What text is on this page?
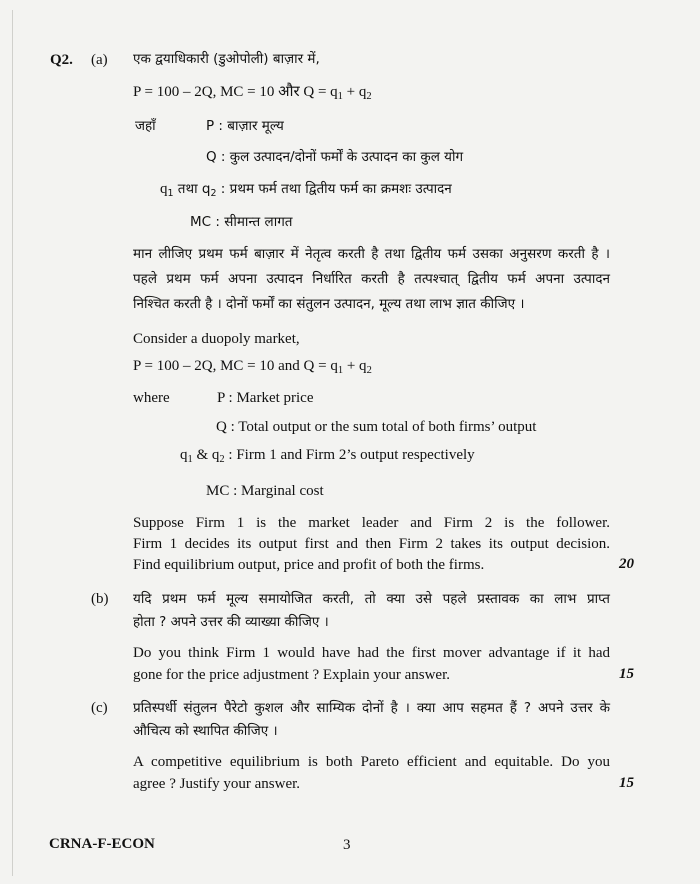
Q2. (a) एक द्वयाधिकारी (डुओपोली) बाज़ार में,
P = 100 – 2Q, MC = 10 और $Q = q_1 + q_2$
जहाँ	P : बाज़ार मूल्य
Q : कुल उत्पादन/दोनों फर्मों के उत्पादन का कुल योग
$q_1$ तथा $q_2$ : प्रथम फर्म तथा द्वितीय फर्म का क्रमशः उत्पादन
MC : सीमान्त लागत
मान लीजिए प्रथम फर्म बाज़ार में नेतृत्व करती है तथा द्वितीय फर्म उसका अनुसरण करती है ।
पहले प्रथम फर्म अपना उत्पादन निर्धारित करती है तत्पश्चात् द्वितीय फर्म अपना उत्पादन
निश्चित करती है । दोनों फर्मों का संतुलन उत्पादन, मूल्य तथा लाभ ज्ञात कीजिए ।
Consider a duopoly market,
P = 100 – 2Q, MC = 10 and $Q = q_1 + q_2$
where	P : Market price
Q : Total output or the sum total of both firms’ output
$q_1$ & $q_2$ : Firm 1 and Firm 2’s output respectively
MC : Marginal cost
Suppose Firm 1 is the market leader and Firm 2 is the follower.
Firm 1 decides its output first and then Firm 2 takes its output decision.
Find equilibrium output, price and profit of both the firms.	20
(b) यदि प्रथम फर्म मूल्य समायोजित करती, तो क्या उसे पहले प्रस्तावक का लाभ प्राप्त
होता ? अपने उत्तर की व्याख्या कीजिए ।
Do you think Firm 1 would have had the first mover advantage if it had
gone for the price adjustment ? Explain your answer.	15
(c) प्रतिस्पर्धी संतुलन पैरेटो कुशल और साम्यिक दोनों है । क्या आप सहमत हैं ? अपने उत्तर के
औचित्य को स्थापित कीजिए ।
A competitive equilibrium is both Pareto efficient and equitable. Do you
agree ? Justify your answer.	15
CRNA-F-ECON	3
